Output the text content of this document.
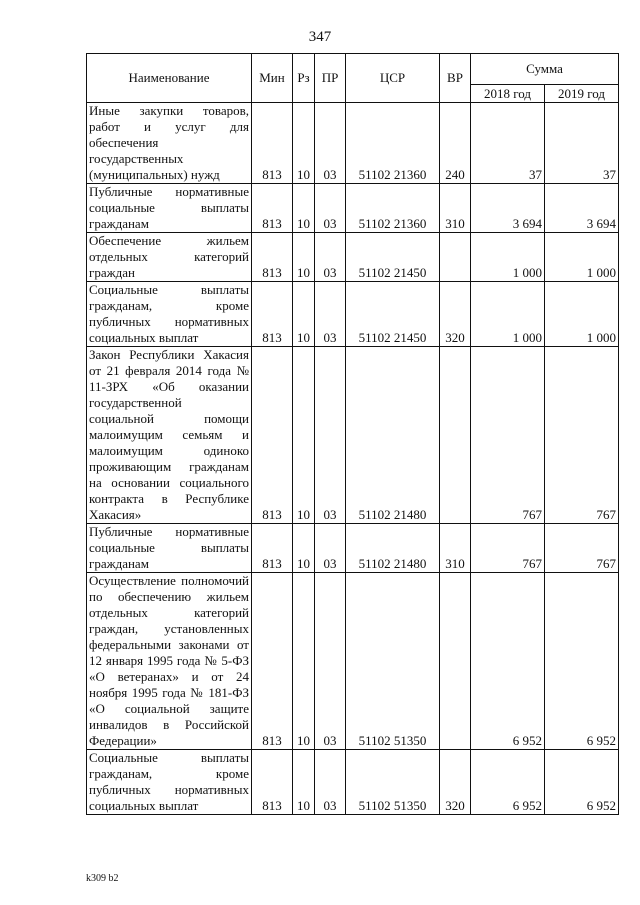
347
Наименование	Мин	Рз	ПР	ЦСР	ВР	Сумма	
						2018 год	2019 год
Иные закупки товаров, работ и услуг для обеспечения государственных (муниципальных) нужд	813	10	03	51102 21360	240	37	37
Публичные нормативные социальные выплаты гражданам	813	10	03	51102 21360	310	3 694	3 694
Обеспечение жильем отдельных категорий граждан	813	10	03	51102 21450		1 000	1 000
Социальные выплаты гражданам, кроме публичных нормативных социальных выплат	813	10	03	51102 21450	320	1 000	1 000
Закон Республики Хакасия от 21 февраля 2014 года № 11-ЗРХ «Об оказании государственной социальной помощи малоимущим семьям и малоимущим одиноко проживающим гражданам на основании социального контракта в Республике Хакасия»	813	10	03	51102 21480		767	767
Публичные нормативные социальные выплаты гражданам	813	10	03	51102 21480	310	767	767
Осуществление полномочий по обеспечению жильем отдельных категорий граждан, установленных федеральными законами от 12 января 1995 года № 5-ФЗ «О ветеранах» и от 24 ноября 1995 года № 181-ФЗ «О социальной защите инвалидов в Российской Федерации»	813	10	03	51102 51350		6 952	6 952
Социальные выплаты гражданам, кроме публичных нормативных социальных выплат	813	10	03	51102 51350	320	6 952	6 952
k309 b2
